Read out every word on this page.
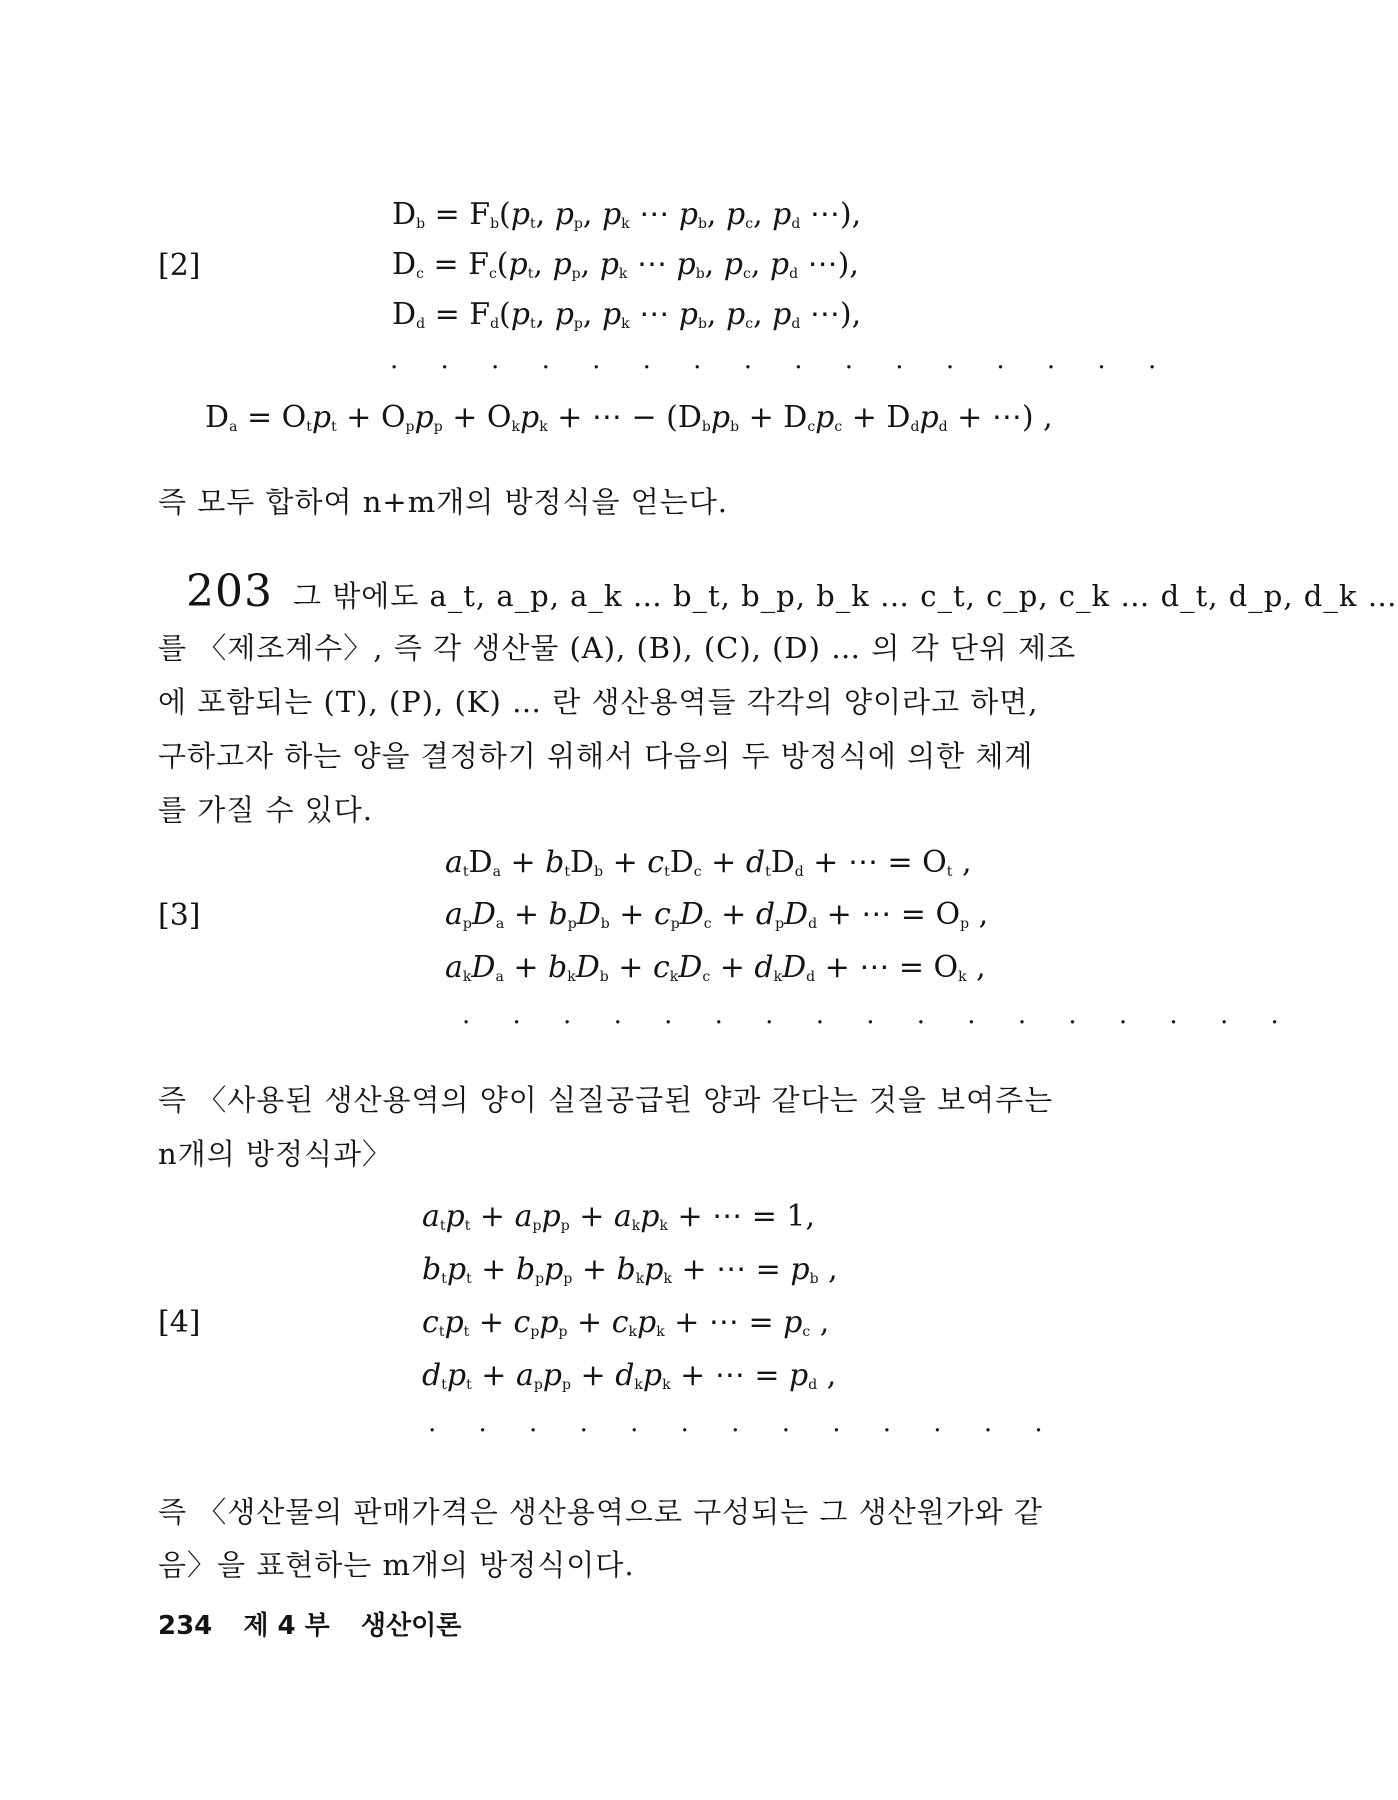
$D_b = F_b(p_t$, $p_p$, $p_k$ ⋯ $p_b$, $p_c$, $p_d$ ⋯),
[2]	$D_c = F_c(p_t$, $p_p$, $p_k$ ⋯ $p_b$, $p_c$, $p_d$ ⋯),
$D_d = F_d(p_t$, $p_p$, $p_k$ ⋯ $p_b$, $p_c$, $p_d$ ⋯),
. . . . . . . . . . . . . . . .
$D_a = O_tp_t + O_pp_p + O_kp_k$ + ⋯ − ($D_bp_b + D_cp_c + D_dp_d$ + ⋯) ,
즉 모두 합하여 n+m개의 방정식을 얻는다.
203 그 밖에도 a_t, a_p, a_k … b_t, b_p, b_k … c_t, c_p, c_k … d_t, d_p, d_k …
를 〈제조계수〉, 즉 각 생산물 (A), (B), (C), (D) … 의 각 단위 제조
에 포함되는 (T), (P), (K) … 란 생산용역들 각각의 양이라고 하면,
구하고자 하는 양을 결정하기 위해서 다음의 두 방정식에 의한 체계
를 가질 수 있다.
$a_tD_a + b_tD_b + c_tD_c + d_tD_d$ + ⋯ = $O_t$ ,
[3]	$a_pD_a + b_pD_b + c_pD_c + d_pD_d$ + ⋯ = $O_p$ ,
$a_kD_a + b_kD_b + c_kD_c + d_kD_d$ + ⋯ = $O_k$ ,
. . . . . . . . . . . . . . . . .
즉 〈사용된 생산용역의 양이 실질공급된 양과 같다는 것을 보여주는
n개의 방정식과〉
$a_tp_t + a_pp_p + a_kp_k$ + ⋯ = 1,
$b_tp_t + b_pp_p + b_kp_k$ + ⋯ = $p_b$ ,
[4]	$c_tp_t + c_pp_p + c_kp_k$ + ⋯ = $p_c$ ,
$d_tp_t + a_pp_p + d_kp_k$ + ⋯ = $p_d$ ,
. . . . . . . . . . . . .
즉 〈생산물의 판매가격은 생산용역으로 구성되는 그 생산원가와 같
음〉을 표현하는 m개의 방정식이다.
234 제 4 부 생산이론
